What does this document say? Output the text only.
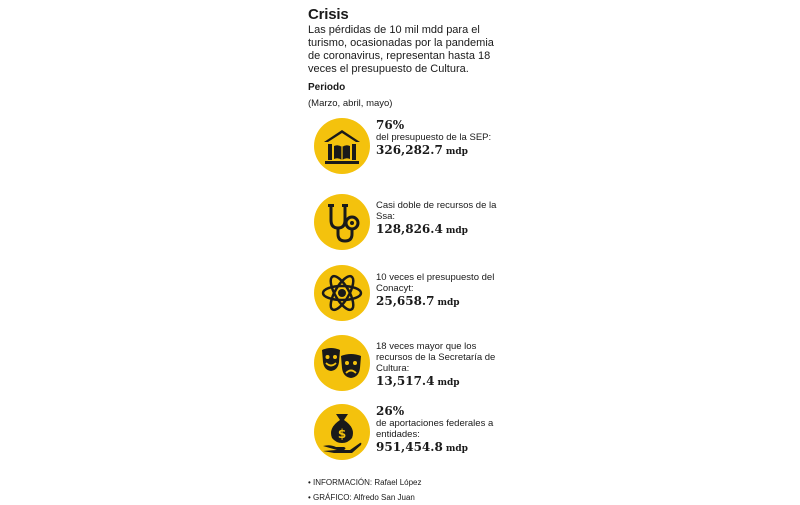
Crisis
Las pérdidas de 10 mil mdd para el turismo, ocasionadas por la pandemia de coronavirus, representan hasta 18 veces el presupuesto de Cultura.
Periodo
(Marzo, abril, mayo)
76%
del presupuesto de la SEP:
326,282.7 mdp
Casi doble de recursos de la Ssa:
128,826.4 mdp
10 veces el presupuesto del Conacyt:
25,658.7 mdp
18 veces mayor que los recursos de la Secretaría de Cultura:
13,517.4 mdp
$
26%
de aportaciones federales a entidades:
951,454.8 mdp
• INFORMACIÓN: Rafael López
• GRÁFICO: Alfredo San Juan
